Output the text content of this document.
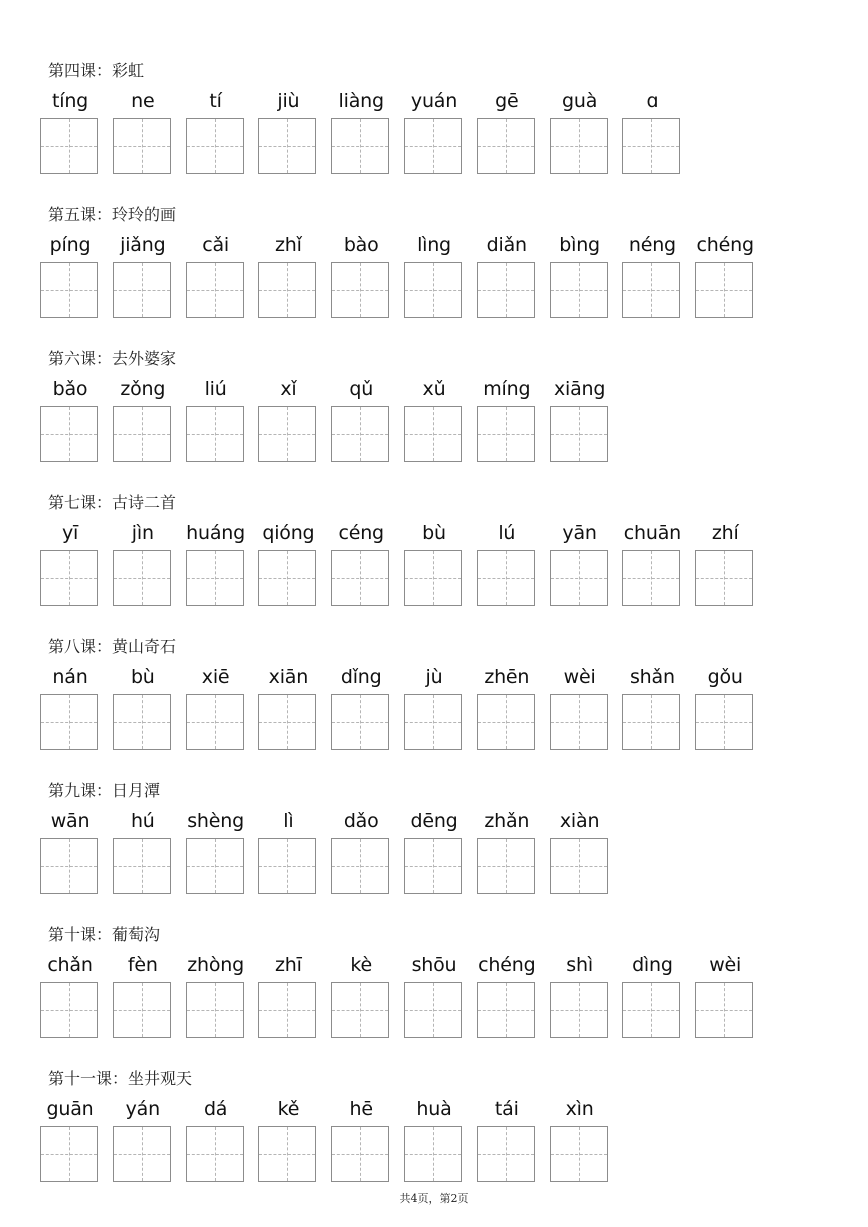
第四课：彩虹
tíng	ne	tí	jiù	liàng	yuán	gē	guà	ɑ
第五课：玲玲的画
píng	jiǎng	cǎi	zhǐ	bào	lìng	diǎn	bìng	néng	chéng
第六课：去外婆家
bǎo	zǒng	liú	xǐ	qǔ	xǔ	míng	xiāng
第七课：古诗二首
yī	jìn	huáng qióng	céng	bù	lú	yān	chuān	zhí
第八课：黄山奇石
nán	bù	xiē	xiān	dǐng	jù	zhēn	wèi	shǎn	gǒu
第九课：日月潭
wān	hú	shèng	lì	dǎo	dēng	zhǎn	xiàn
第十课：葡萄沟
chǎn	fèn	zhòng	zhī	kè	shōu	chéng	shì	dìng	wèi
第十一课：坐井观天
guān	yán	dá	kě	hē	huà	tái	xìn
共4页，第2页
